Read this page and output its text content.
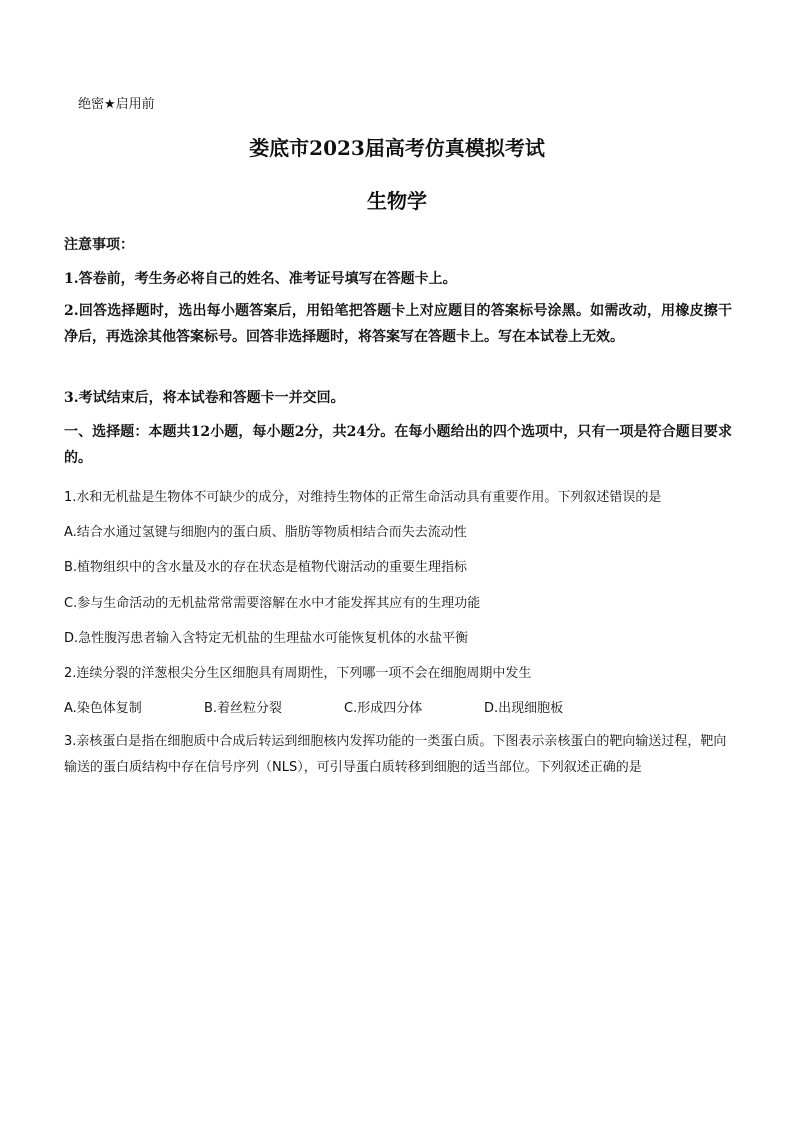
绝密★启用前
娄底市2023届高考仿真模拟考试
生物学
注意事项：
1.答卷前，考生务必将自己的姓名、准考证号填写在答题卡上。
2.回答选择题时，选出每小题答案后，用铅笔把答题卡上对应题目的答案标号涂黑。如需改动，用橡皮擦干净后，再选涂其他答案标号。回答非选择题时，将答案写在答题卡上。写在本试卷上无效。
3.考试结束后，将本试卷和答题卡一并交回。
一、选择题：本题共12小题，每小题2分，共24分。在每小题给出的四个选项中，只有一项是符合题目要求的。
1.水和无机盐是生物体不可缺少的成分，对维持生物体的正常生命活动具有重要作用。下列叙述错误的是
A.结合水通过氢键与细胞内的蛋白质、脂肪等物质相结合而失去流动性
B.植物组织中的含水量及水的存在状态是植物代谢活动的重要生理指标
C.参与生命活动的无机盐常常需要溶解在水中才能发挥其应有的生理功能
D.急性腹泻患者输入含特定无机盐的生理盐水可能恢复机体的水盐平衡
2.连续分裂的洋葱根尖分生区细胞具有周期性，下列哪一项不会在细胞周期中发生
A.染色体复制	B.着丝粒分裂	C.形成四分体	D.出现细胞板
3.亲核蛋白是指在细胞质中合成后转运到细胞核内发挥功能的一类蛋白质。下图表示亲核蛋白的靶向输送过程，靶向输送的蛋白质结构中存在信号序列（NLS），可引导蛋白质转移到细胞的适当部位。下列叙述正确的是
